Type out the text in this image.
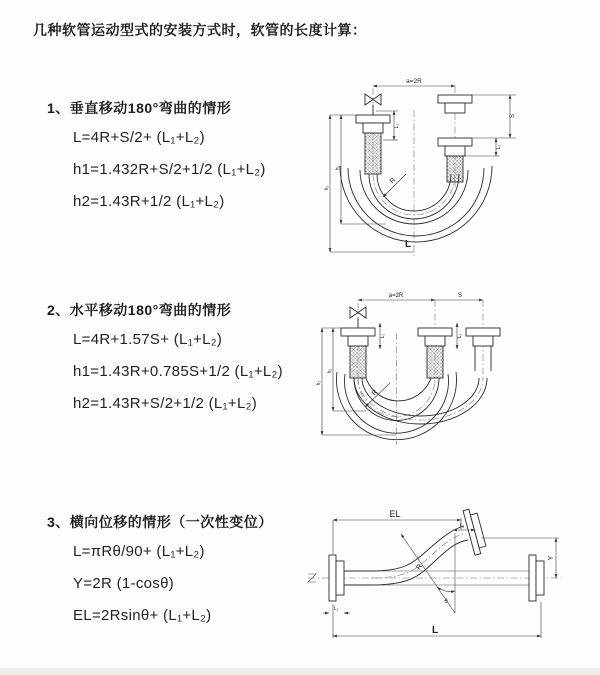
几种软管运动型式的安装方式时，软管的长度计算：
1、垂直移动180°弯曲的情形

L=4R+S/2+ (L₁+L₂)

h1=1.432R+S/2+1/2 (L₁+L₂)

h2=1.43R+1/2 (L₁+L₂)

2、水平移动180°弯曲的情形

L=4R+1.57S+ (L₁+L₂)

h1=1.43R+0.785S+1/2 (L₁+L₂)

h2=1.43R+S/2+1/2 (L₁+L₂)

3、横向位移的情形（一次性变位）

L=πRθ/90+ (L₁+L₂)

Y=2R (1-cosθ)

EL=2Rsinθ+ (L₁+L₂)

a=2R
L₁
S
L₂
R
h₁
h₂
L
a=2R	S
L₁	L₂
R
h₁
h₂
EL
L₂
Y
R
θ
L
L₁
